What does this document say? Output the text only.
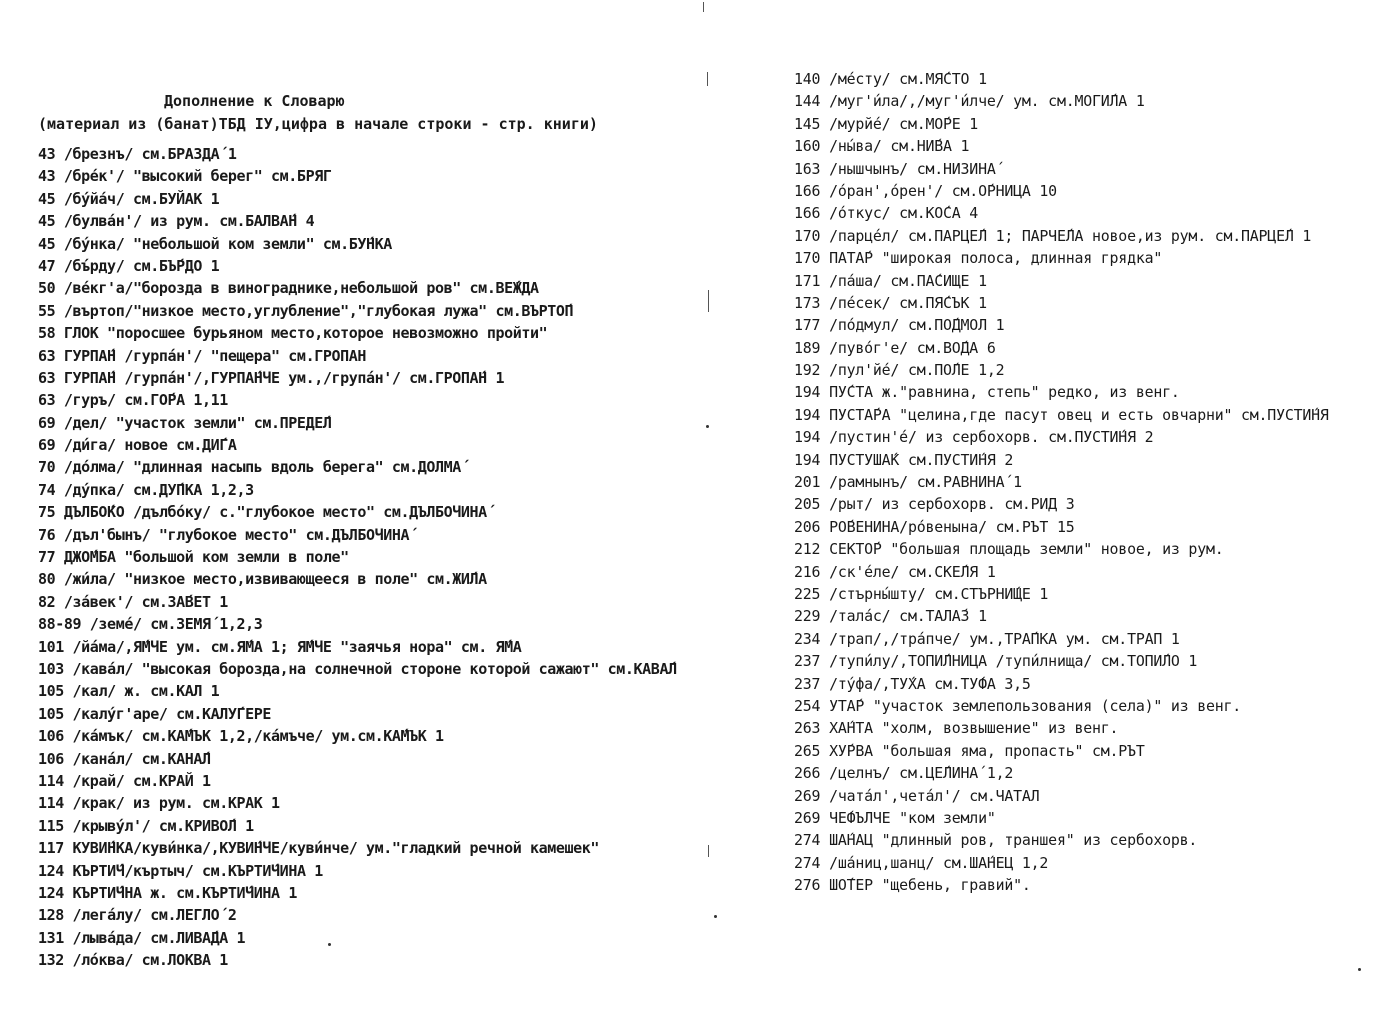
Дополнение к Словарю
(материал из (банат)ТБД IУ,цифра в начале строки - стр. книги)
43 /брезнъ/ см.БРАЗДА́ 1
43 /бре́к'/ "высокий берег" см.БРЯГ
45 /бу́йа́ч/ см.БУЙАК 1
45 /булва́н'/ из рум. см.БАЛВА́Н 4
45 /бу́нка/ "небольшой ком земли" см.БУ́НКА
47 /бъ́рду/ см.БЪ́РДО 1
50 /ве́кг'а/"борозда в винограднике,небольшой ров" см.ВЕ́ЖДА
55 /въртоп/"низкое место,углубление","глубокая лужа" см.ВЪРТО́П
58 ГЛОК "поросшее бурьяном место,которое невозможно пройти"
63 ГУРПА́Н /гурпа́н'/ "пещера" см.ГРОПАН
63 ГУРПА́Н /гурпа́н'/,ГУРПА́НЧЕ ум.,/група́н'/ см.ГРОПА́Н 1
63 /гуръ/ см.ГО́РА 1,11
69 /дел/ "участок земли" см.ПРЕДЕ́Л
69 /ди́га/ новое см.ДИ́ГА
70 /до́лма/ "длинная насыпь вдоль берега" см.ДОЛМА́
74 /ду́пка/ см.ДУ́ПКА 1,2,3
75 ДЪЛБО́КО /дълбо́ку/ с."глубокое место" см.ДЪЛБОЧИНА́
76 /дъл'бынъ/ "глубокое место" см.ДЪЛБОЧИНА́
77 ДЖО́МБА "большой ком земли в поле"
80 /жи́ла/ "низкое место,извивающееся в поле" см.ЖИ́ЛА
82 /за́век'/ см.ЗА́ВЕТ 1
88-89 /земе́/ см.ЗЕМЯ́ 1,2,3
101 /йа́ма/,Я́МЧЕ ум. см.Я́МА 1; Я́МЧЕ "заячья нора" см. Я́МА
103 /кава́л/ "высокая борозда,на солнечной стороне которой сажают" см.КАВА́Л
105 /кал/ ж. см.КАЛ 1
105 /калу́г'аре/ см.КАЛУ́ГЕРЕ
106 /ка́мък/ см.КА́МЪК 1,2,/ка́мъче/ ум.см.КА́МЪК 1
106 /кана́л/ см.КАНА́Л
114 /край/ см.КРАЙ 1
114 /крак/ из рум. см.КРАК 1
115 /крыву́л'/ см.КРИВО́Л 1
117 КУВИ́НКА/куви́нка/,КУВИ́НЧЕ/куви́нче/ ум."гладкий речной камешек"
124 КЪРТИ́Ч/къртыч/ см.КЪРТИ́ЧИНА 1
124 КЪРТИ́ЧНА ж. см.КЪРТИ́ЧИНА 1
128 /лега́лу/ см.ЛЕГЛО́ 2
131 /лыва́да/ см.ЛИВА́ДА 1
132 /ло́ква/ см.ЛОКВА 1
140 /ме́сту/ см.МЯ́СТО 1
144 /муг'и́ла/,/муг'и́лче/ ум. см.МОГИ́ЛА 1
145 /мурйе́/ см.МО́РЕ 1
160 /ны́ва/ см.НИ́ВА 1
163 /нышчынъ/ см.НИЗИНА́
166 /о́ран',о́рен'/ см.О́РНИЦА 10
166 /о́ткус/ см.КО́СА 4
170 /парце́л/ см.ПАРЦЕ́Л 1; ПАРЧЕ́ЛА новое,из рум. см.ПАРЦЕ́Л 1
170 ПАТА́Р "широкая полоса, длинная грядка"
171 /па́ша/ см.ПА́СИЩЕ 1
173 /пе́сек/ см.ПЯ́СЪК 1
177 /по́дмул/ см.ПО́ДМОЛ 1
189 /пуво́г'е/ см.ВО́ДА 6
192 /пул'йе́/ см.ПО́ЛЕ 1,2
194 ПУ́СТА ж."равнина, степь" редко, из венг.
194 ПУСТА́РА "целина,где пасут овец и есть овчарни" см.ПУСТИ́НЯ
194 /пустин'е́/ из сербохорв. см.ПУСТИ́НЯ 2
194 ПУСТУША́К см.ПУСТИ́НЯ 2
201 /рамнынъ/ см.РАВНИНА́ 1
205 /рыт/ из сербохорв. см.РИД 3
206 РО́ВЕНИНА/ро́венына/ см.РЪТ 15
212 СЕКТО́Р "большая площадь земли" новое, из рум.
216 /ск'е́ле/ см.СКЕ́ЛЯ 1
225 /стърны́шту/ см.СТЪРНИ́ЩЕ 1
229 /тала́с/ см.ТАЛА́З 1
234 /трап/,/тра́пче/ ум.,ТРА́ПКА ум. см.ТРАП 1
237 /тупи́лу/,ТОПИ́ЛНИЦА /тупи́лнища/ см.ТОПИ́ЛО 1
237 /ту́фа/,ТУ́ХА см.ТУ́ФА 3,5
254 УТА́Р "участок землепользования (села)" из венг.
263 ХА́НТА "холм, возвышение" из венг.
265 ХУ́РВА "большая яма, пропасть" см.РЪТ
266 /целнъ/ см.ЦЕ́ЛИНА́ 1,2
269 /чата́л',чета́л'/ см.ЧАТАЛ
269 ЧЕ́ФЪЛЧЕ "ком земли"
274 ША́НАЦ "длинный ров, траншея" из сербохорв.
274 /ша́ниц,шанц/ см.ША́НЕЦ 1,2
276 ШО́ТЕР "щебень, гравий".
